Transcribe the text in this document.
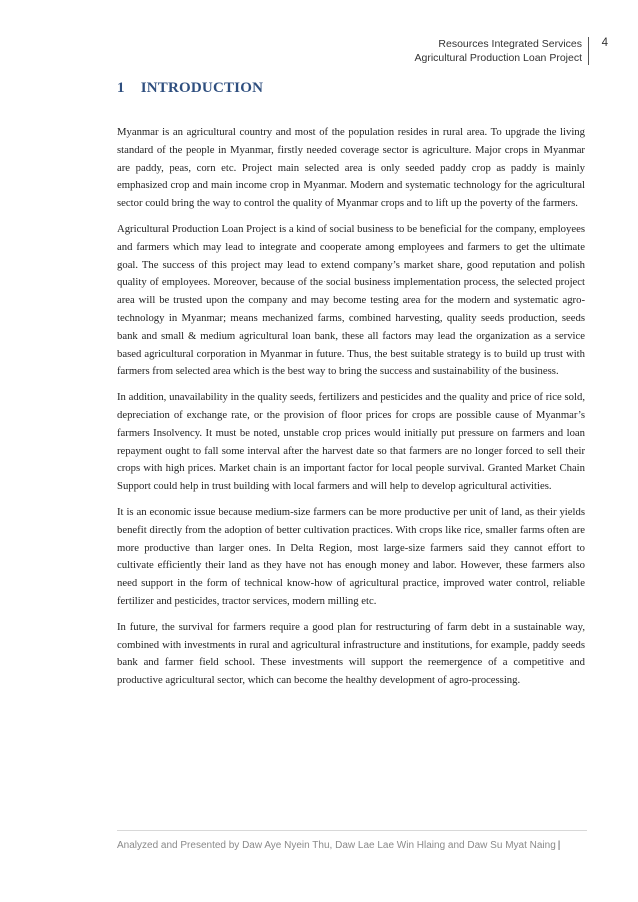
Resources Integrated Services
Agricultural Production Loan Project
4
1 INTRODUCTION

Myanmar is an agricultural country and most of the population resides in rural area. To upgrade the living standard of the people in Myanmar, firstly needed coverage sector is agriculture. Major crops in Myanmar are paddy, peas, corn etc. Project main selected area is only seeded paddy crop as paddy is mainly emphasized crop and main income crop in Myanmar. Modern and systematic technology for the agricultural sector could bring the way to control the quality of Myanmar crops and to lift up the poverty of the farmers.

Agricultural Production Loan Project is a kind of social business to be beneficial for the company, employees and farmers which may lead to integrate and cooperate among employees and farmers to get the ultimate goal. The success of this project may lead to extend company’s market share, good reputation and polish quality of employees. Moreover, because of the social business implementation process, the selected project area will be trusted upon the company and may become testing area for the modern and systematic agro-technology in Myanmar; means mechanized farms, combined harvesting, quality seeds production, seeds bank and small & medium agricultural loan bank, these all factors may lead the organization as a service based agricultural corporation in Myanmar in future. Thus, the best suitable strategy is to build up trust with farmers from selected area which is the best way to bring the success and sustainability of the business.

In addition, unavailability in the quality seeds, fertilizers and pesticides and the quality and price of rice sold, depreciation of exchange rate, or the provision of floor prices for crops are possible cause of Myanmar’s farmers Insolvency. It must be noted, unstable crop prices would initially put pressure on farmers and loan repayment ought to fall some interval after the harvest date so that farmers are no longer forced to sell their crops with high prices. Market chain is an important factor for local people survival. Granted Market Chain Support could help in trust building with local farmers and will help to develop agricultural activities.

It is an economic issue because medium-size farmers can be more productive per unit of land, as their yields benefit directly from the adoption of better cultivation practices. With crops like rice, smaller farms often are more productive than larger ones. In Delta Region, most large-size farmers said they cannot effort to cultivate efficiently their land as they have not has enough money and labor. However, these farmers also need support in the form of technical know-how of agricultural practice, improved water control, reliable fertilizer and pesticides, tractor services, modern milling etc.

In future, the survival for farmers require a good plan for restructuring of farm debt in a sustainable way, combined with investments in rural and agricultural infrastructure and institutions, for example, paddy seeds bank and farmer field school. These investments will support the reemergence of a competitive and productive agricultural sector, which can become the healthy development of agro-processing.

Analyzed and Presented by Daw Aye Nyein Thu, Daw Lae Lae Win Hlaing and Daw Su Myat Naing |
